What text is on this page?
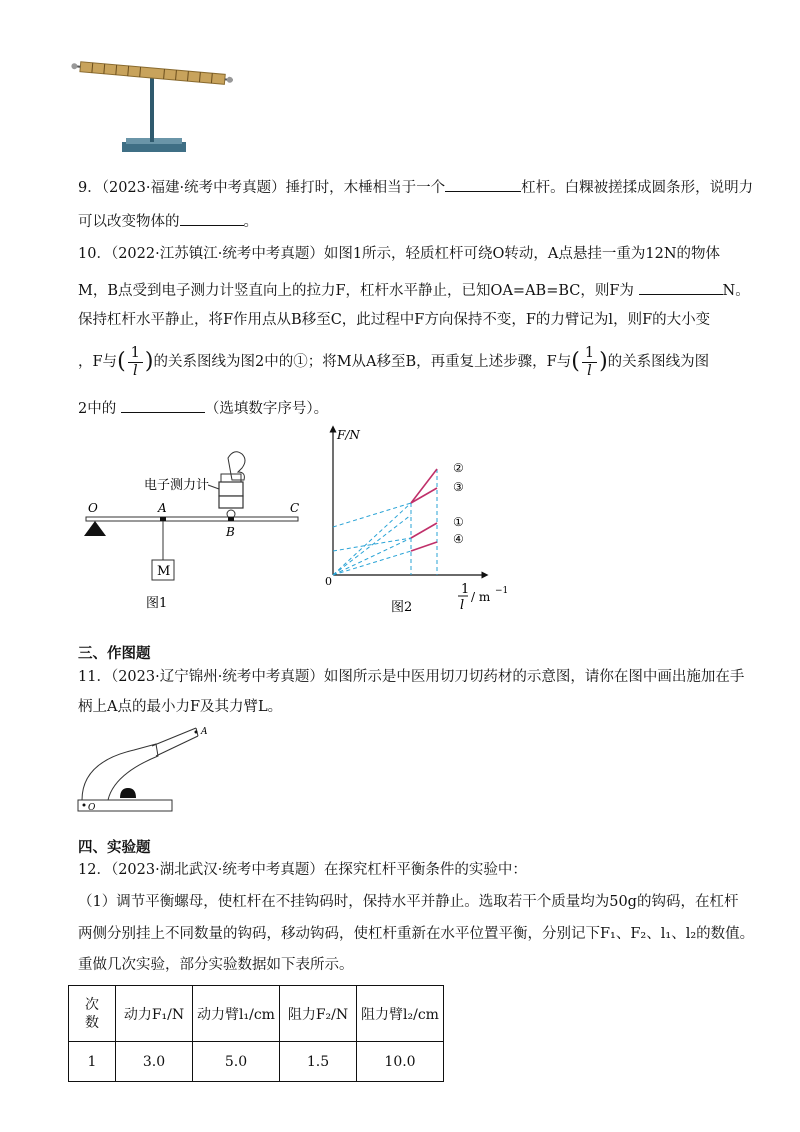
9．（2023·福建·统考中考真题）捶打时，木棰相当于一个	杠杆。白粿被搓揉成圆条形，说明力
可以改变物体的	。
10．（2022·江苏镇江·统考中考真题）如图1所示，轻质杠杆可绕O转动，A点悬挂一重为12N的物体
M，B点受到电子测力计竖直向上的拉力F，杠杆水平静止，已知OA=AB=BC，则F为	N。
保持杠杆水平静止，将F作用点从B移至C，此过程中F方向保持不变，F的力臂记为l，则F的大小变
，F与( $\frac{1}{l}$ )的关系图线为图2中的①；将M从A移至B，再重复上述步骤，F与( $\frac{1}{l}$ )的关系图线为图
2中的	（选填数字序号）。
电子测力计
M
O	A
B
C
图1
F/N
0
②
③
①
④
1
l
/ m −1
图2
三、作图题
11．（2023·辽宁锦州·统考中考真题）如图所示是中医用切刀切药材的示意图，请你在图中画出施加在手
柄上A点的最小力F及其力臂L。
O
A
四、实验题
12．（2023·湖北武汉·统考中考真题）在探究杠杆平衡条件的实验中：
（1）调节平衡螺母，使杠杆在不挂钩码时，保持水平并静止。选取若干个质量均为50g的钩码，在杠杆
两侧分别挂上不同数量的钩码，移动钩码，使杠杆重新在水平位置平衡，分别记下F₁、F₂、l₁、l₂的数值。
重做几次实验，部分实验数据如下表所示。
次数	动力F₁/N	动力臂l₁/cm	阻力F₂/N	阻力臂l₂/cm
1	3.0	5.0	1.5	10.0
